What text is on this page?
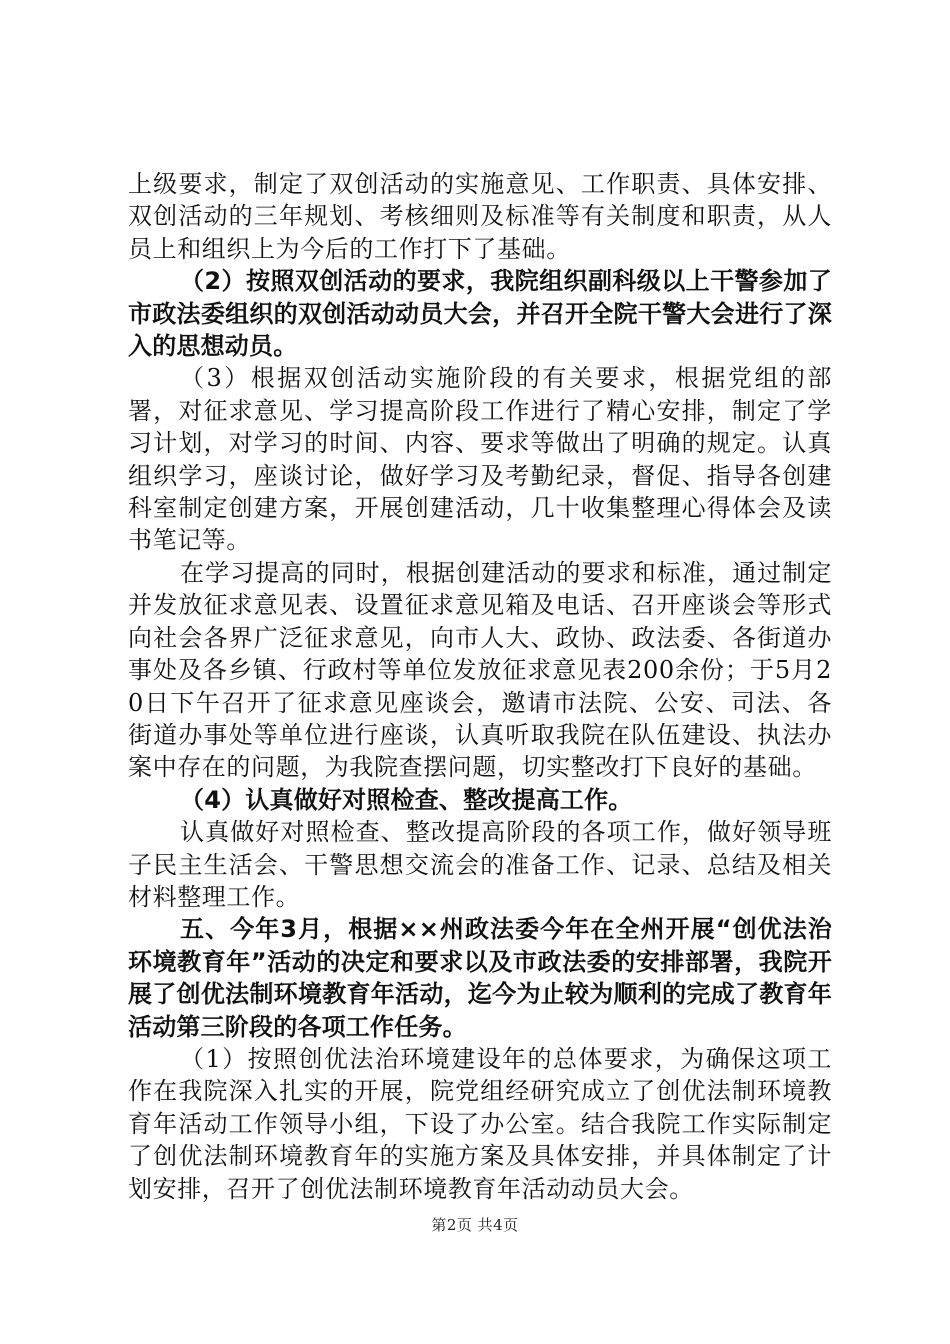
上级要求，制定了双创活动的实施意见、工作职责、具体安排、双创活动的三年规划、考核细则及标准等有关制度和职责，从人员上和组织上为今后的工作打下了基础。

（2）按照双创活动的要求，我院组织副科级以上干警参加了市政法委组织的双创活动动员大会，并召开全院干警大会进行了深入的思想动员。

（3）根据双创活动实施阶段的有关要求，根据党组的部署，对征求意见、学习提高阶段工作进行了精心安排，制定了学习计划，对学习的时间、内容、要求等做出了明确的规定。认真组织学习，座谈讨论，做好学习及考勤纪录，督促、指导各创建科室制定创建方案，开展创建活动，几十收集整理心得体会及读书笔记等。

在学习提高的同时，根据创建活动的要求和标准，通过制定并发放征求意见表、设置征求意见箱及电话、召开座谈会等形式向社会各界广泛征求意见，向市人大、政协、政法委、各街道办事处及各乡镇、行政村等单位发放征求意见表200余份；于5月20日下午召开了征求意见座谈会，邀请市法院、公安、司法、各街道办事处等单位进行座谈，认真听取我院在队伍建设、执法办案中存在的问题，为我院查摆问题，切实整改打下良好的基础。

（4）认真做好对照检查、整改提高工作。

认真做好对照检查、整改提高阶段的各项工作，做好领导班子民主生活会、干警思想交流会的准备工作、记录、总结及相关材料整理工作。

五、今年3月，根据××州政法委今年在全州开展“创优法治环境教育年”活动的决定和要求以及市政法委的安排部署，我院开展了创优法制环境教育年活动，迄今为止较为顺利的完成了教育年活动第三阶段的各项工作任务。

（1）按照创优法治环境建设年的总体要求，为确保这项工作在我院深入扎实的开展，院党组经研究成立了创优法制环境教育年活动工作领导小组，下设了办公室。结合我院工作实际制定了创优法制环境教育年的实施方案及具体安排，并具体制定了计划安排，召开了创优法制环境教育年活动动员大会。

第2页 共4页
